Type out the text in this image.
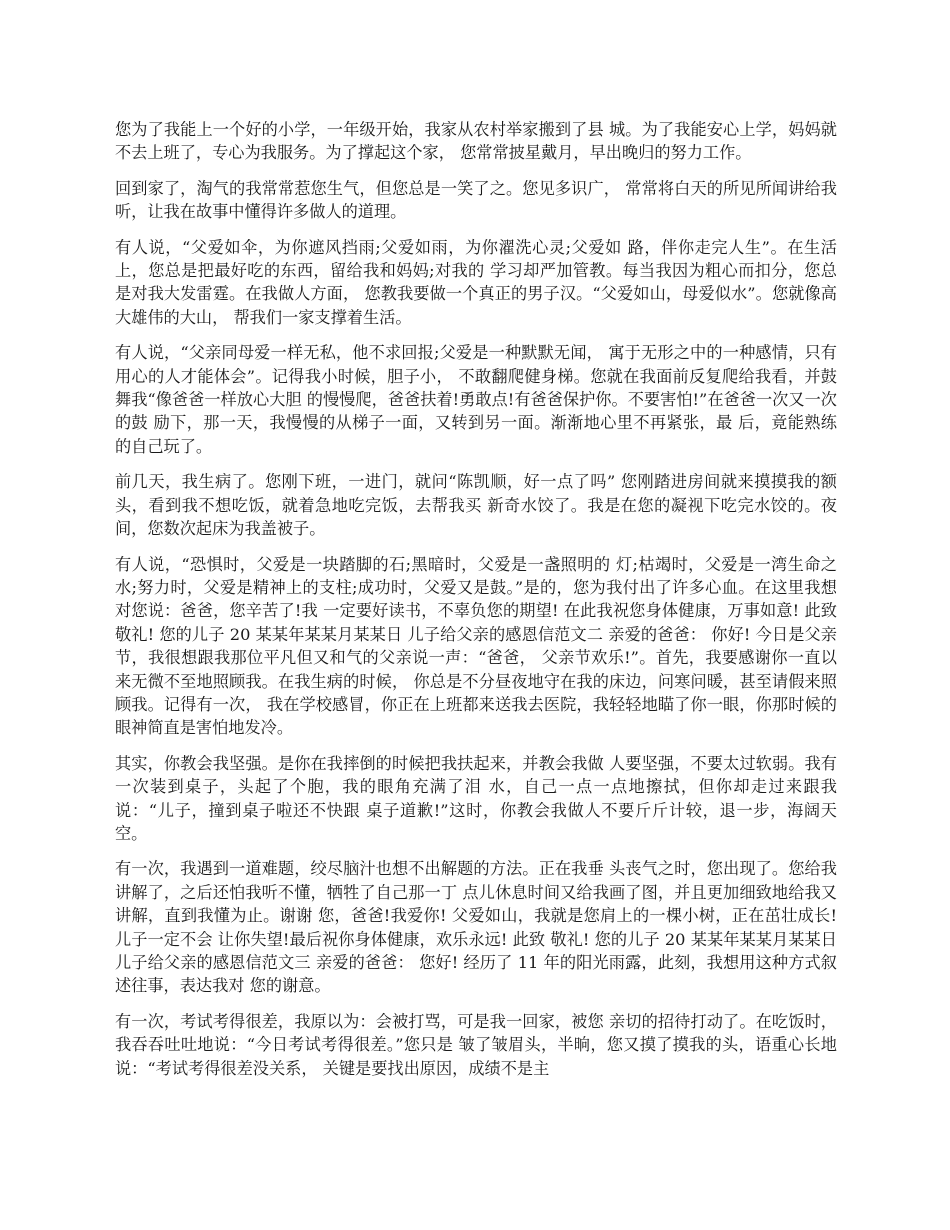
您为了我能上一个好的小学，一年级开始，我家从农村举家搬到了县 城。为了我能安心上学，妈妈就不去上班了，专心为我服务。为了撑起这个家， 您常常披星戴月，早出晚归的努力工作。

回到家了，淘气的我常常惹您生气，但您总是一笑了之。您见多识广， 常常将白天的所见所闻讲给我听，让我在故事中懂得许多做人的道理。

有人说，“父爱如伞，为你遮风挡雨;父爱如雨，为你濯洗心灵;父爱如 路，伴你走完人生”。在生活上，您总是把最好吃的东西，留给我和妈妈;对我的 学习却严加管教。每当我因为粗心而扣分，您总是对我大发雷霆。在我做人方面， 您教我要做一个真正的男子汉。“父爱如山，母爱似水”。您就像高大雄伟的大山， 帮我们一家支撑着生活。

有人说，“父亲同母爱一样无私，他不求回报;父爱是一种默默无闻， 寓于无形之中的一种感情，只有用心的人才能体会”。记得我小时候，胆子小， 不敢翻爬健身梯。您就在我面前反复爬给我看，并鼓舞我“像爸爸一样放心大胆 的慢慢爬，爸爸扶着!勇敢点!有爸爸保护你。不要害怕!”在爸爸一次又一次的鼓 励下，那一天，我慢慢的从梯子一面，又转到另一面。渐渐地心里不再紧张，最 后，竟能熟练的自己玩了。

前几天，我生病了。您刚下班，一进门，就问“陈凯顺，好一点了吗” 您刚踏进房间就来摸摸我的额头，看到我不想吃饭，就着急地吃完饭，去帮我买 新奇水饺了。我是在您的凝视下吃完水饺的。夜间，您数次起床为我盖被子。

有人说，“恐惧时，父爱是一块踏脚的石;黑暗时，父爱是一盏照明的 灯;枯竭时，父爱是一湾生命之水;努力时，父爱是精神上的支柱;成功时，父爱又是鼓。”是的，您为我付出了许多心血。在这里我想对您说：爸爸，您辛苦了!我 一定要好读书，不辜负您的期望! 在此我祝您身体健康，万事如意! 此致 敬礼! 您的儿子 20 某某年某某月某某日 儿子给父亲的感恩信范文二 亲爱的爸爸： 你好! 今日是父亲节，我很想跟我那位平凡但又和气的父亲说一声：“爸爸， 父亲节欢乐!”。首先，我要感谢你一直以来无微不至地照顾我。在我生病的时候， 你总是不分昼夜地守在我的床边，问寒问暖，甚至请假来照顾我。记得有一次， 我在学校感冒，你正在上班都来送我去医院，我轻轻地瞄了你一眼，你那时候的 眼神简直是害怕地发冷。

其实，你教会我坚强。是你在我摔倒的时候把我扶起来，并教会我做 人要坚强，不要太过软弱。我有一次装到桌子，头起了个胞，我的眼角充满了泪 水，自己一点一点地擦拭，但你却走过来跟我说：“儿子，撞到桌子啦还不快跟 桌子道歉!”这时，你教会我做人不要斤斤计较，退一步，海阔天空。

有一次，我遇到一道难题，绞尽脑汁也想不出解题的方法。正在我垂 头丧气之时，您出现了。您给我讲解了，之后还怕我听不懂，牺牲了自己那一丁 点儿休息时间又给我画了图，并且更加细致地给我又讲解，直到我懂为止。谢谢 您，爸爸!我爱你! 父爱如山，我就是您肩上的一棵小树，正在茁壮成长!儿子一定不会 让你失望!最后祝你身体健康，欢乐永远! 此致 敬礼! 您的儿子 20 某某年某某月某某日 儿子给父亲的感恩信范文三 亲爱的爸爸： 您好! 经历了 11 年的阳光雨露，此刻，我想用这种方式叙述往事，表达我对 您的谢意。

有一次，考试考得很差，我原以为：会被打骂，可是我一回家，被您 亲切的招待打动了。在吃饭时，我吞吞吐吐地说：“今日考试考得很差。”您只是 皱了皱眉头，半晌，您又摸了摸我的头，语重心长地说：“考试考得很差没关系， 关键是要找出原因，成绩不是主
